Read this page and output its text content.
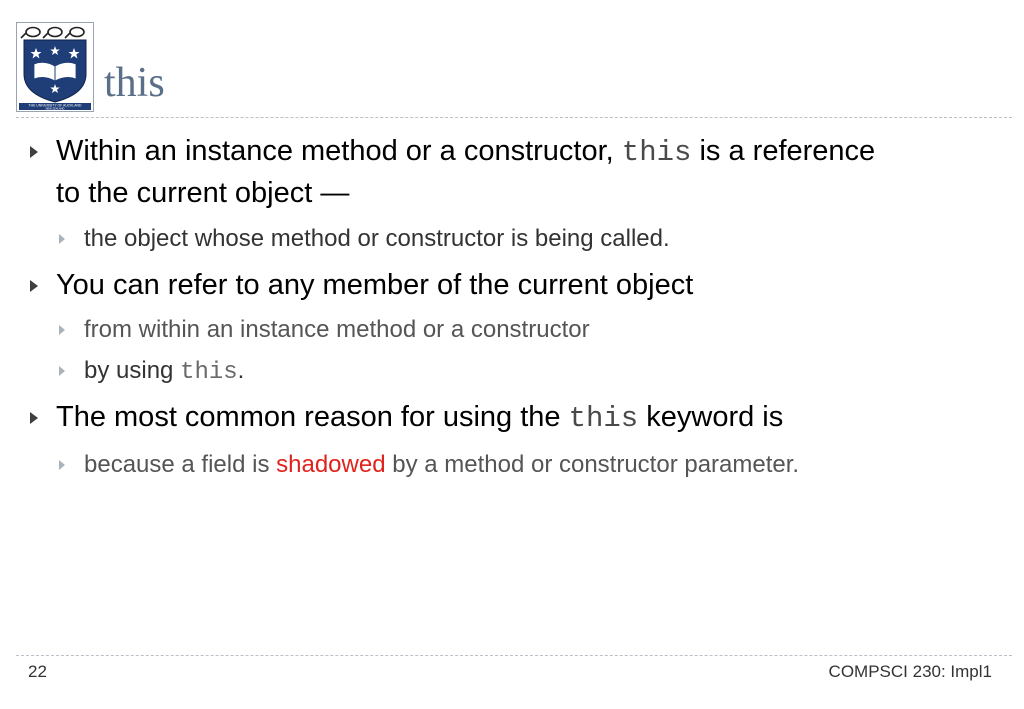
THE UNIVERSITY OF AUCKLAND
NEW ZEALAND
this
Within an instance method or a constructor, this is a reference
to the current object —
the object whose method or constructor is being called.
You can refer to any member of the current object
from within an instance method or a constructor
by using this.
The most common reason for using the this keyword is
because a field is shadowed by a method or constructor parameter.
22	COMPSCI 230: Impl1
